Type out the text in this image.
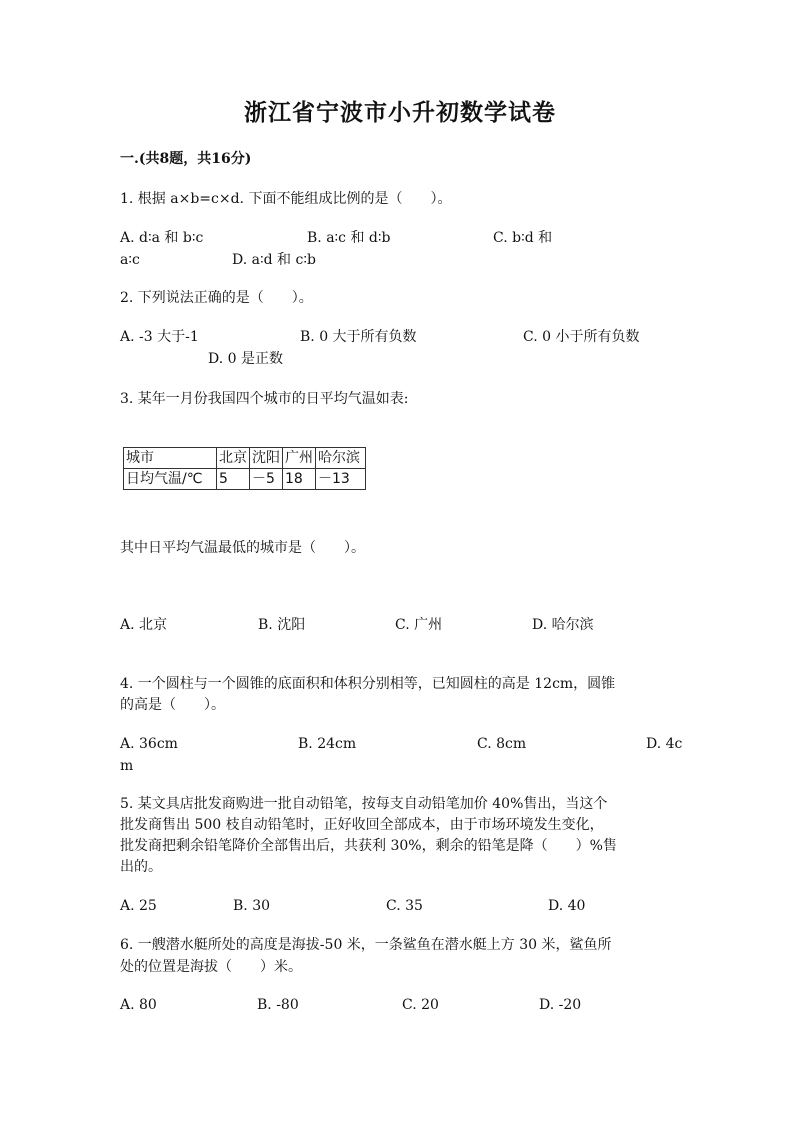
浙江省宁波市小升初数学试卷
一.(共8题，共16分)
1. 根据 a×b=c×d. 下面不能组成比例的是（　　）。
A. d∶a 和 b∶c	B. a∶c 和 d∶b	C. b∶d 和
a∶c	D. a∶d 和 c∶b
2. 下列说法正确的是（　　）。
A. -3 大于-1	B. 0 大于所有负数	C. 0 小于所有负数
D. 0 是正数
3. 某年一月份我国四个城市的日平均气温如表:
城市	北京	沈阳	广州	哈尔滨
日均气温/℃	5	－5	18	－13
其中日平均气温最低的城市是（　　）。
A. 北京	B. 沈阳	C. 广州	D. 哈尔滨
4. 一个圆柱与一个圆锥的底面积和体积分别相等，已知圆柱的高是 12cm，圆锥
的高是（　　）。
A. 36cm	B. 24cm	C. 8cm	D. 4c
m
5. 某文具店批发商购进一批自动铅笔，按每支自动铅笔加价 40%售出，当这个
批发商售出 500 枝自动铅笔时，正好收回全部成本，由于市场环境发生变化，
批发商把剩余铅笔降价全部售出后，共获利 30%，剩余的铅笔是降（　　）%售
出的。
A. 25	B. 30	C. 35	D. 40
6. 一艘潜水艇所处的高度是海拔-50 米，一条鲨鱼在潜水艇上方 30 米，鲨鱼所
处的位置是海拔（　　）米。
A. 80	B. -80	C. 20	D. -20
